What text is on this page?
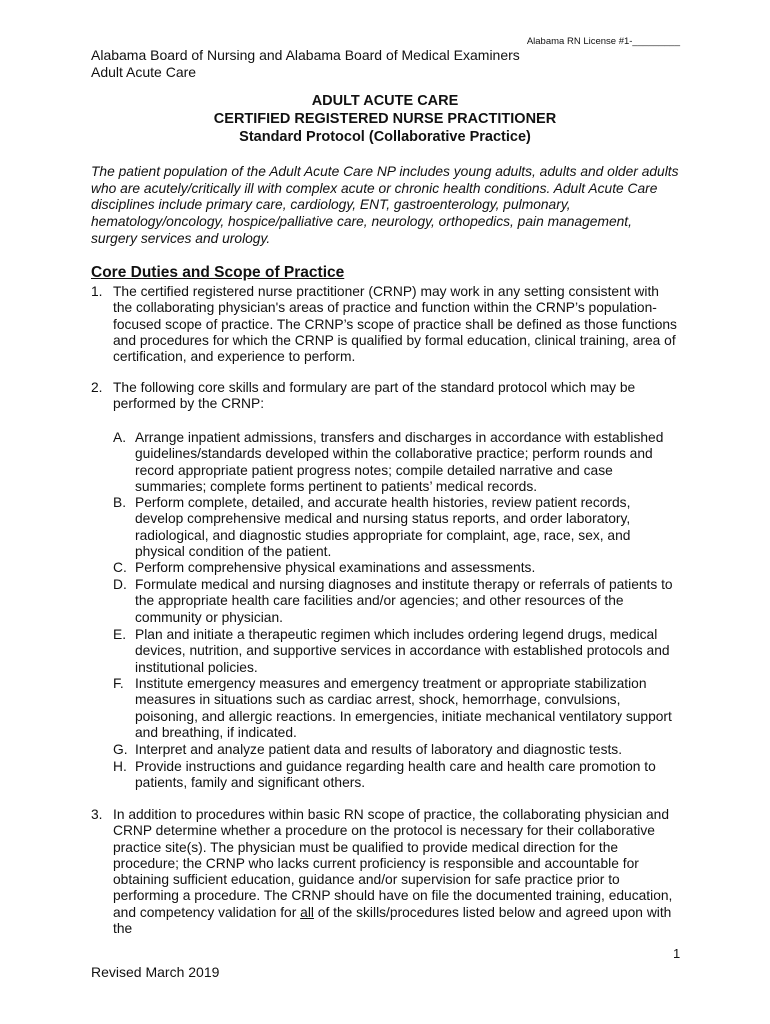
Alabama RN License #1-_________
Alabama Board of Nursing and Alabama Board of Medical Examiners
Adult Acute Care
ADULT ACUTE CARE
CERTIFIED REGISTERED NURSE PRACTITIONER
Standard Protocol (Collaborative Practice)
The patient population of the Adult Acute Care NP includes young adults, adults and older adults who are acutely/critically ill with complex acute or chronic health conditions. Adult Acute Care disciplines include primary care, cardiology, ENT, gastroenterology, pulmonary, hematology/oncology, hospice/palliative care, neurology, orthopedics, pain management, surgery services and urology.
Core Duties and Scope of Practice
1. The certified registered nurse practitioner (CRNP) may work in any setting consistent with the collaborating physician's areas of practice and function within the CRNP’s population-focused scope of practice. The CRNP’s scope of practice shall be defined as those functions and procedures for which the CRNP is qualified by formal education, clinical training, area of certification, and experience to perform.
2. The following core skills and formulary are part of the standard protocol which may be performed by the CRNP:
A. Arrange inpatient admissions, transfers and discharges in accordance with established guidelines/standards developed within the collaborative practice; perform rounds and record appropriate patient progress notes; compile detailed narrative and case summaries; complete forms pertinent to patients’ medical records.
B. Perform complete, detailed, and accurate health histories, review patient records, develop comprehensive medical and nursing status reports, and order laboratory, radiological, and diagnostic studies appropriate for complaint, age, race, sex, and physical condition of the patient.
C. Perform comprehensive physical examinations and assessments.
D. Formulate medical and nursing diagnoses and institute therapy or referrals of patients to the appropriate health care facilities and/or agencies; and other resources of the community or physician.
E. Plan and initiate a therapeutic regimen which includes ordering legend drugs, medical devices, nutrition, and supportive services in accordance with established protocols and institutional policies.
F. Institute emergency measures and emergency treatment or appropriate stabilization measures in situations such as cardiac arrest, shock, hemorrhage, convulsions, poisoning, and allergic reactions. In emergencies, initiate mechanical ventilatory support and breathing, if indicated.
G. Interpret and analyze patient data and results of laboratory and diagnostic tests.
H. Provide instructions and guidance regarding health care and health care promotion to patients, family and significant others.
3. In addition to procedures within basic RN scope of practice, the collaborating physician and CRNP determine whether a procedure on the protocol is necessary for their collaborative practice site(s). The physician must be qualified to provide medical direction for the procedure; the CRNP who lacks current proficiency is responsible and accountable for obtaining sufficient education, guidance and/or supervision for safe practice prior to performing a procedure. The CRNP should have on file the documented training, education, and competency validation for all of the skills/procedures listed below and agreed upon with the
1
Revised March 2019
